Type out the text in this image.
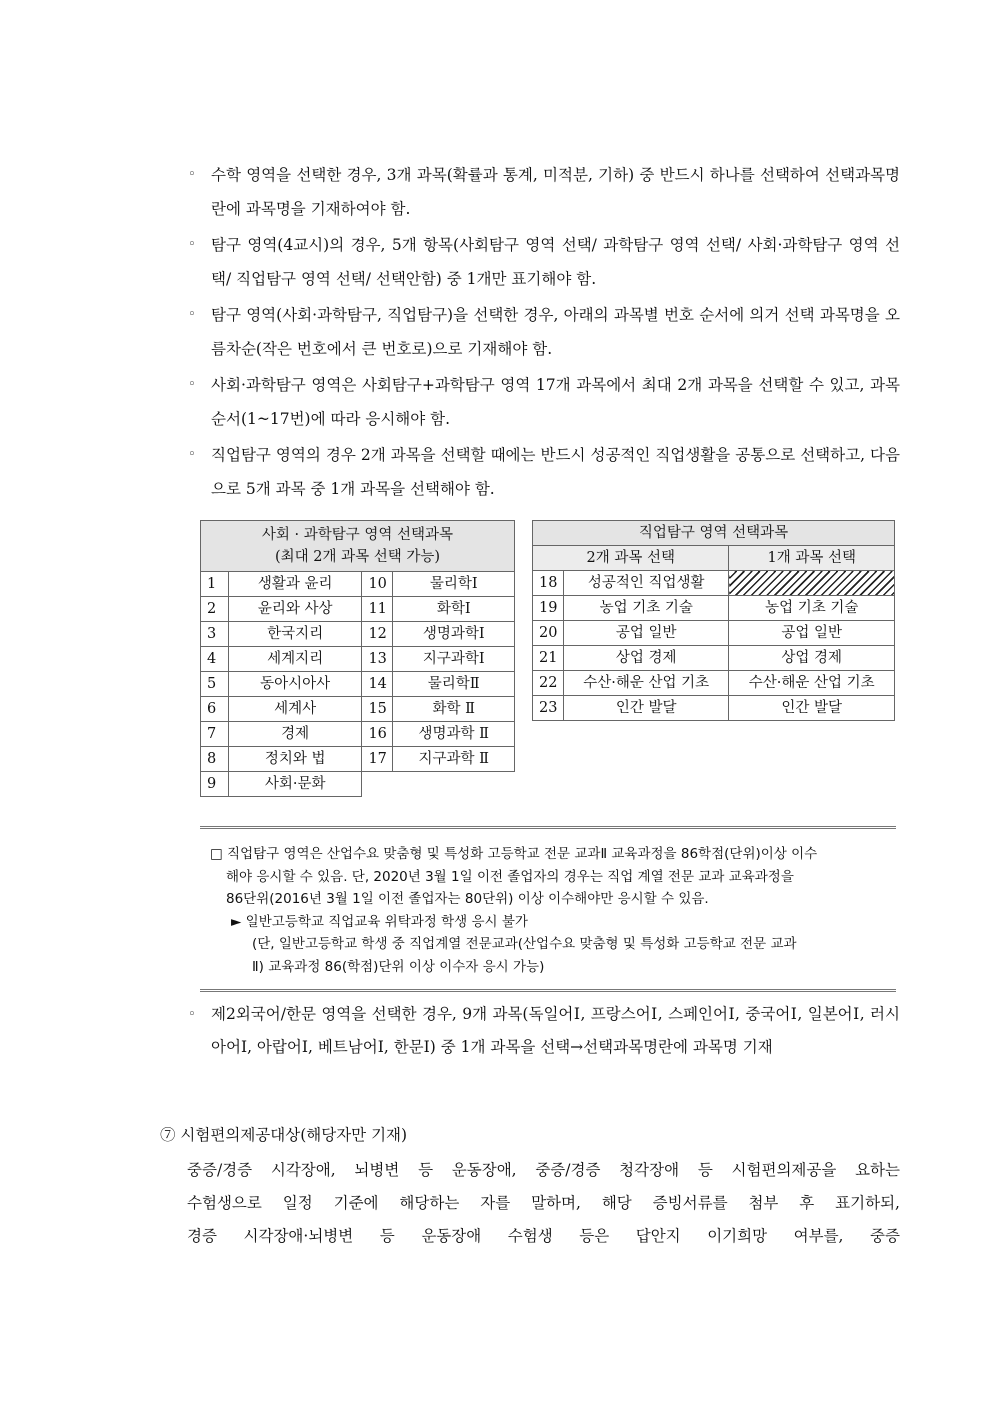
◦ 수학 영역을 선택한 경우, 3개 과목(확률과 통계, 미적분, 기하) 중 반드시 하나를 선택하여 선택과목명란에 과목명을 기재하여야 함.
◦ 탐구 영역(4교시)의 경우, 5개 항목(사회탐구 영역 선택/ 과학탐구 영역 선택/ 사회·과학탐구 영역 선택/ 직업탐구 영역 선택/ 선택안함) 중 1개만 표기해야 함.
◦ 탐구 영역(사회·과학탐구, 직업탐구)을 선택한 경우, 아래의 과목별 번호 순서에 의거 선택 과목명을 오름차순(작은 번호에서 큰 번호로)으로 기재해야 함.
◦ 사회·과학탐구 영역은 사회탐구+과학탐구 영역 17개 과목에서 최대 2개 과목을 선택할 수 있고, 과목 순서(1~17번)에 따라 응시해야 함.
◦ 직업탐구 영역의 경우 2개 과목을 선택할 때에는 반드시 성공적인 직업생활을 공통으로 선택하고, 다음으로 5개 과목 중 1개 과목을 선택해야 함.
사회 · 과학탐구 영역 선택과목
(최대 2개 과목 선택 가능)			

1	생활과 윤리	10	물리학Ⅰ
2	윤리와 사상	11	화학Ⅰ
3	한국지리	12	생명과학Ⅰ
4	세계지리	13	지구과학Ⅰ
5	동아시아사	14	물리학Ⅱ
6	세계사	15	화학 Ⅱ
7	경제	16	생명과학 Ⅱ
8	정치와 법	17	지구과학 Ⅱ
9	사회·문화		
직업탐구 영역 선택과목		
2개 과목 선택		1개 과목 선택
18	성공적인 직업생활	
19	농업 기초 기술	농업 기초 기술
20	공업 일반	공업 일반
21	상업 경제	상업 경제
22	수산·해운 산업 기초	수산·해운 산업 기초
23	인간 발달	인간 발달

□ 직업탐구 영역은 산업수요 맞춤형 및 특성화 고등학교 전문 교과Ⅱ 교육과정을 86학점(단위)이상 이수

해야 응시할 수 있음. 단, 2020년 3월 1일 이전 졸업자의 경우는 직업 계열 전문 교과 교육과정을

86단위(2016년 3월 1일 이전 졸업자는 80단위) 이상 이수해야만 응시할 수 있음.

► 일반고등학교 직업교육 위탁과정 학생 응시 불가

(단, 일반고등학교 학생 중 직업계열 전문교과(산업수요 맞춤형 및 특성화 고등학교 전문 교과

Ⅱ) 교육과정 86(학점)단위 이상 이수자 응시 가능)

◦ 제2외국어/한문 영역을 선택한 경우, 9개 과목(독일어Ⅰ, 프랑스어Ⅰ, 스페인어Ⅰ, 중국어Ⅰ, 일본어Ⅰ, 러시아어Ⅰ, 아랍어Ⅰ, 베트남어Ⅰ, 한문Ⅰ) 중 1개 과목을 선택→선택과목명란에 과목명 기재
⑦ 시험편의제공대상(해당자만 기재)
중증/경증 시각장애, 뇌병변 등 운동장애, 중증/경증 청각장애 등 시험편의제공을 요하는
수험생으로 일정 기준에 해당하는 자를 말하며, 해당 증빙서류를 첨부 후 표기하되,
경증 시각장애·뇌병변 등 운동장애 수험생 등은 답안지 이기희망 여부를, 중증
